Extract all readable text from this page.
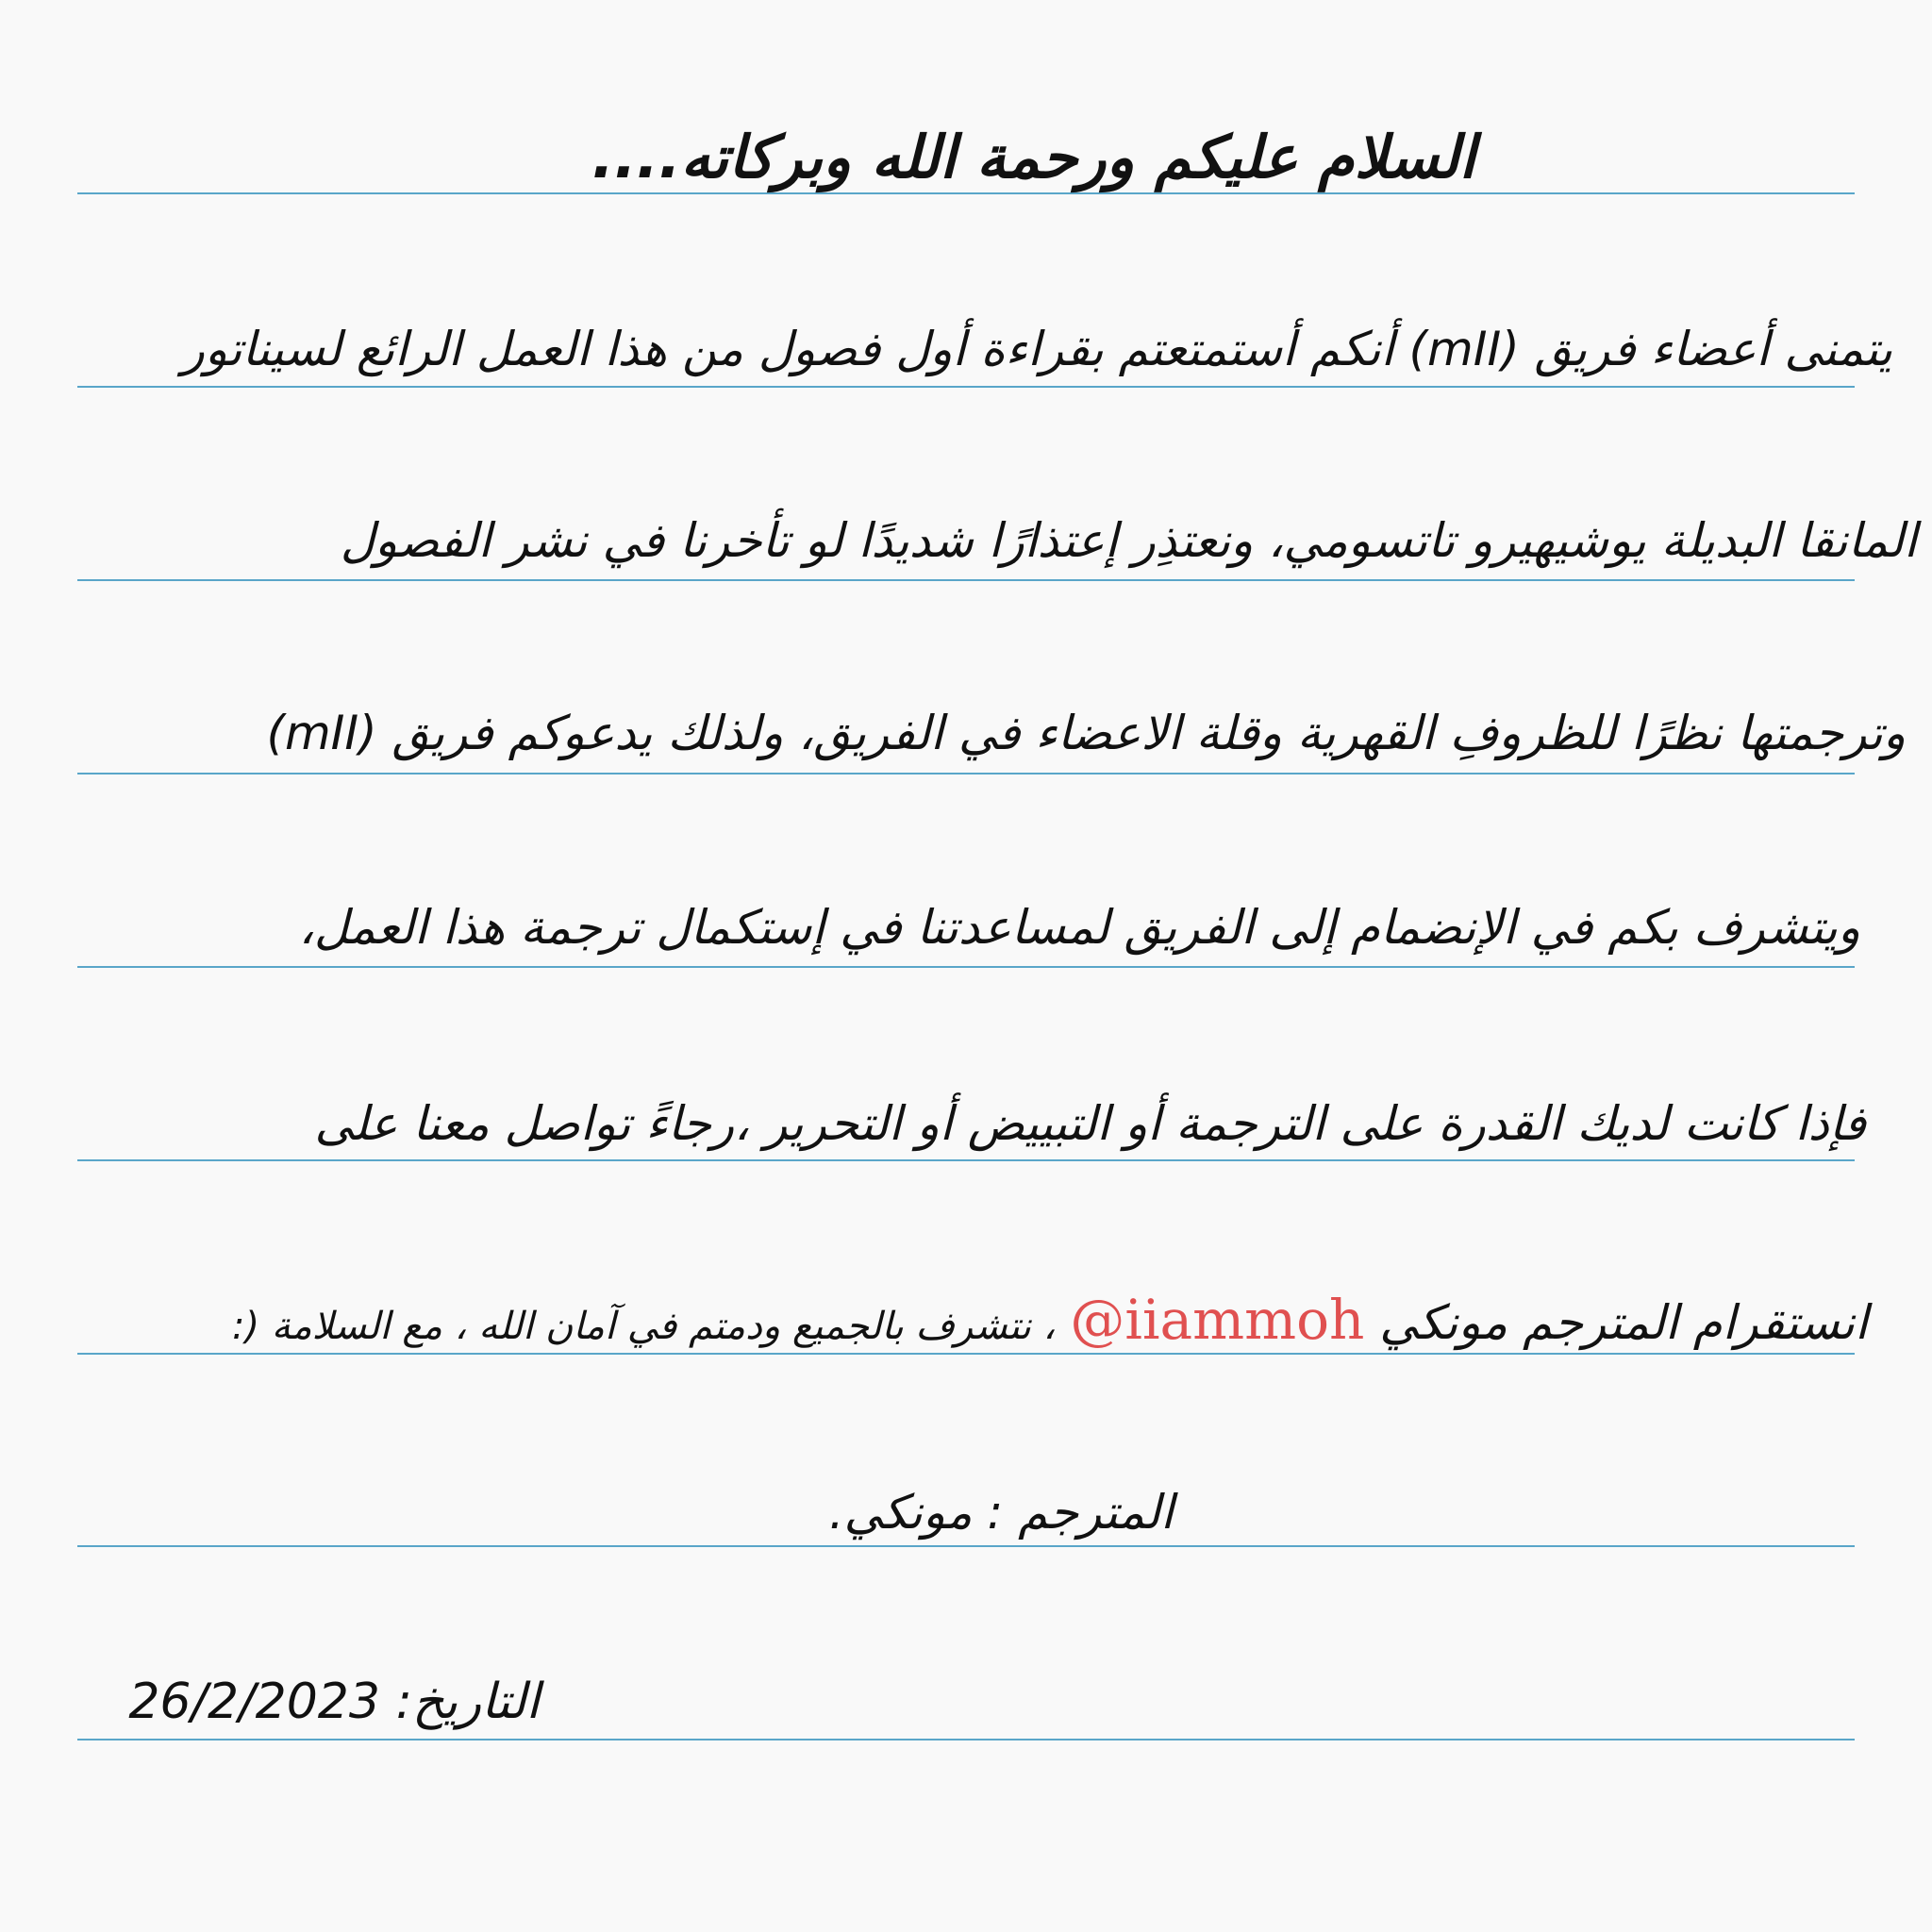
السلام عليكم ورحمة الله وبركاته....
يتمنى أعضاء فريق (mII) أنكم أستمتعتم بقراءة أول فصول من هذا العمل الرائع لسيناتور
المانقا البديلة يوشيهيرو تاتسومي، ونعتذِر إعتذارًا شديدًا لو تأخرنا في نشر الفصول
وترجمتها نظرًا للظروفِ القهرية وقلة الاعضاء في الفريق، ولذلك يدعوكم فريق (mII)
ويتشرف بكم في الإنضمام إلى الفريق لمساعدتنا في إستكمال ترجمة هذا العمل،
فإذا كانت لديك القدرة على الترجمة أو التبييض أو التحرير ،رجاءً تواصل معنا على
انستقرام المترجم مونكي @iiammoh ، نتشرف بالجميع ودمتم في آمان الله ، مع السلامة (:
المترجم : مونكي.
التاريخ: 26/2/2023
